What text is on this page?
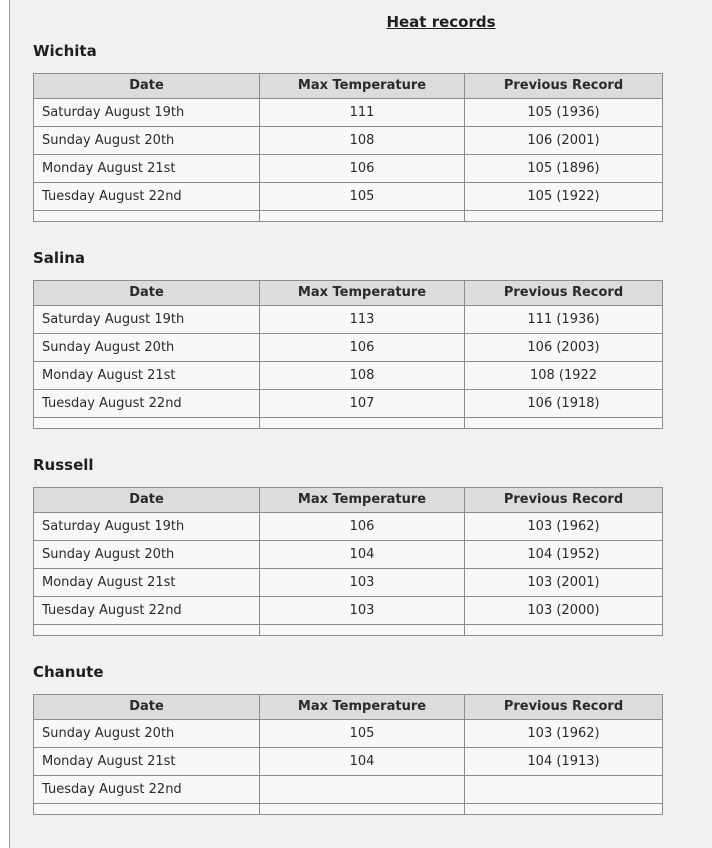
Heat records
Wichita
Date	Max Temperature	Previous Record
Saturday August 19th	111	105 (1936)
Sunday August 20th	108	106 (2001)
Monday August 21st	106	105 (1896)
Tuesday August 22nd	105	105 (1922)

Salina
Date	Max Temperature	Previous Record
Saturday August 19th	113	111 (1936)
Sunday August 20th	106	106 (2003)
Monday August 21st	108	108 (1922
Tuesday August 22nd	107	106 (1918)

Russell
Date	Max Temperature	Previous Record
Saturday August 19th	106	103 (1962)
Sunday August 20th	104	104 (1952)
Monday August 21st	103	103 (2001)
Tuesday August 22nd	103	103 (2000)

Chanute
Date	Max Temperature	Previous Record
Sunday August 20th	105	103 (1962)
Monday August 21st	104	104 (1913)
Tuesday August 22nd		
